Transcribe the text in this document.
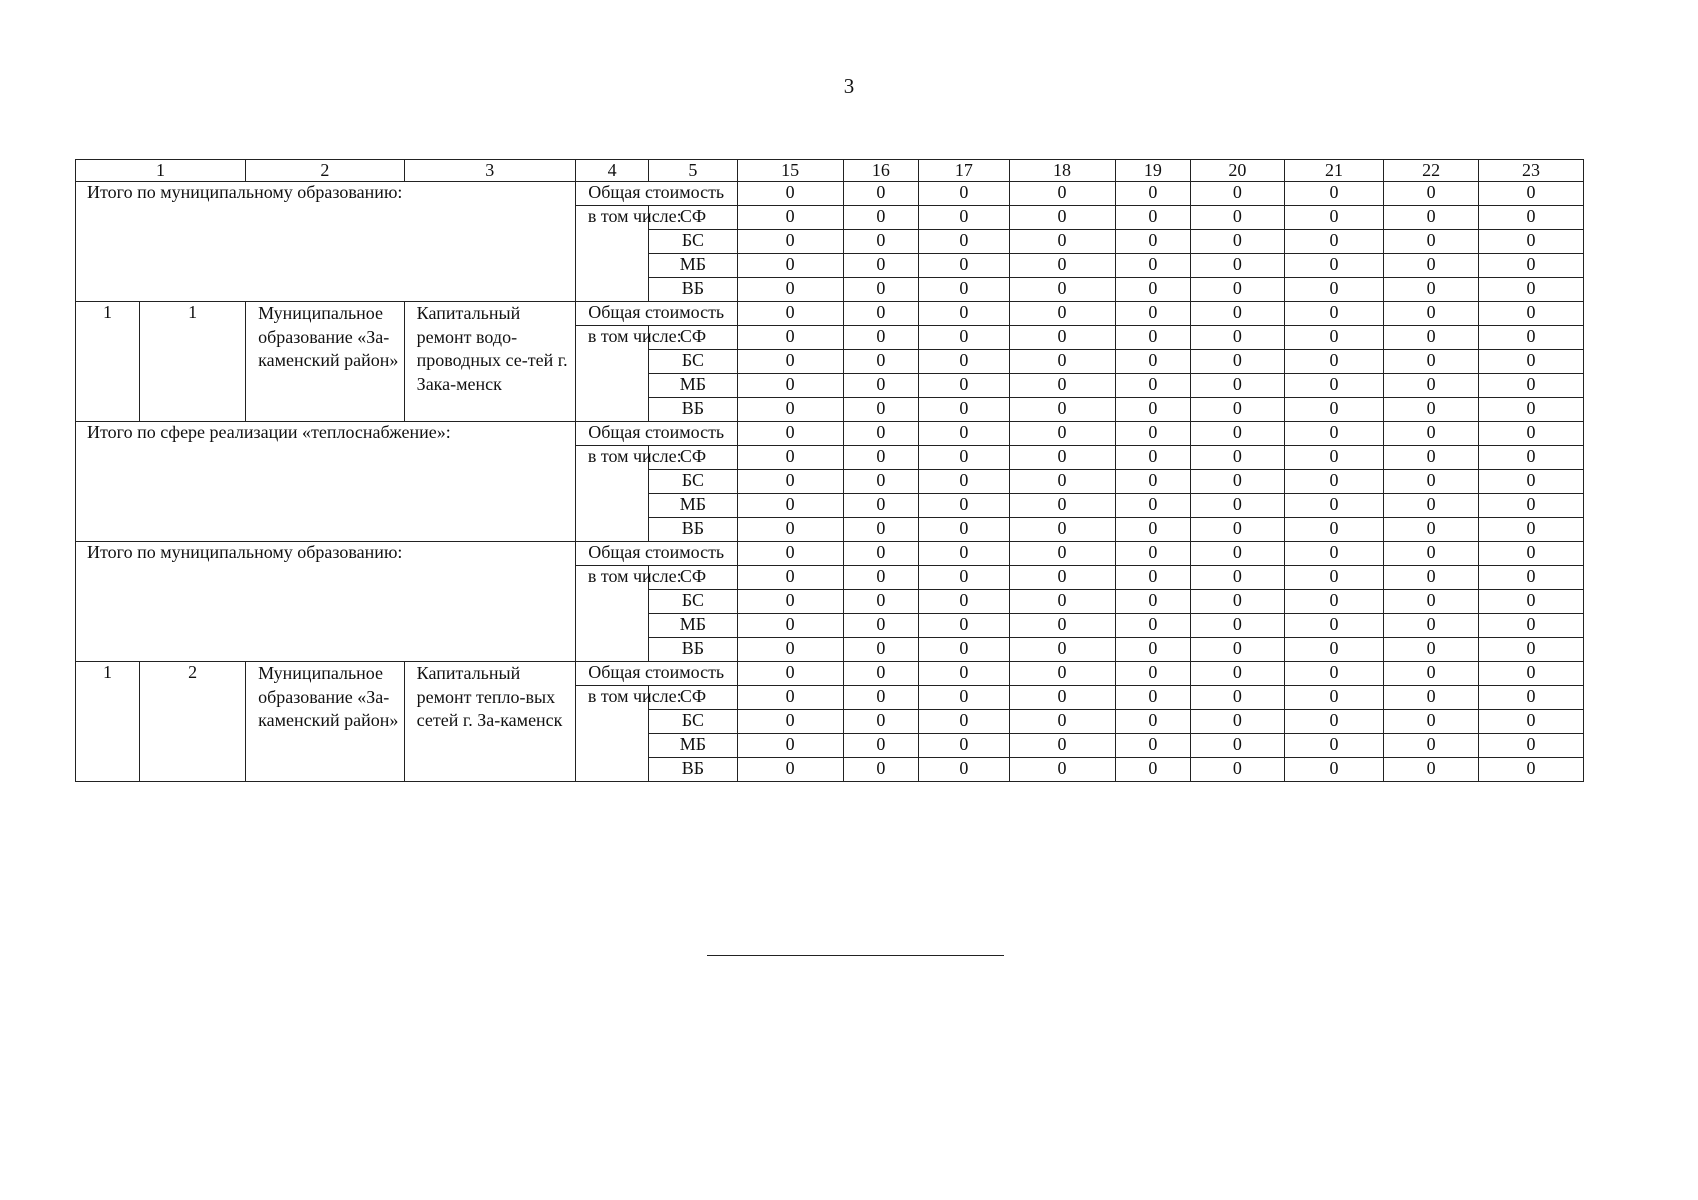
3
1		2	3	4	5	15	16	17	18	19	20	21	22	23
Итого по муниципальному образованию:				Общая стоимость		0	0	0	0	0	0	0	0	0
				в том числе:	СФ	0	0	0	0	0	0	0	0	0
					БС	0	0	0	0	0	0	0	0	0
					МБ	0	0	0	0	0	0	0	0	0
					ВБ	0	0	0	0	0	0	0	0	0
1	1	Муниципальное образование «За-каменский район»	Капитальный ремонт водо-проводных се-тей г. Зака-менск	Общая стоимость		0	0	0	0	0	0	0	0	0
				в том числе:	СФ	0	0	0	0	0	0	0	0	0
					БС	0	0	0	0	0	0	0	0	0
					МБ	0	0	0	0	0	0	0	0	0
					ВБ	0	0	0	0	0	0	0	0	0
Итого по сфере реализации «теплоснабжение»:				Общая стоимость		0	0	0	0	0	0	0	0	0
				в том числе:	СФ	0	0	0	0	0	0	0	0	0
					БС	0	0	0	0	0	0	0	0	0
					МБ	0	0	0	0	0	0	0	0	0
					ВБ	0	0	0	0	0	0	0	0	0
Итого по муниципальному образованию:				Общая стоимость		0	0	0	0	0	0	0	0	0
				в том числе:	СФ	0	0	0	0	0	0	0	0	0
					БС	0	0	0	0	0	0	0	0	0
					МБ	0	0	0	0	0	0	0	0	0
					ВБ	0	0	0	0	0	0	0	0	0
1	2	Муниципальное образование «За-каменский район»	Капитальный ремонт тепло-вых сетей г. За-каменск	Общая стоимость		0	0	0	0	0	0	0	0	0
				в том числе:	СФ	0	0	0	0	0	0	0	0	0
					БС	0	0	0	0	0	0	0	0	0
					МБ	0	0	0	0	0	0	0	0	0
					ВБ	0	0	0	0	0	0	0	0	0
